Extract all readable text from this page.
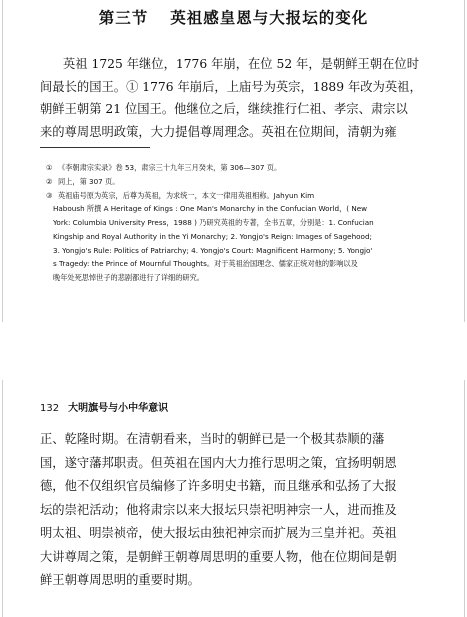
第三节 英祖感皇恩与大报坛的变化
英祖 1725 年继位，1776 年崩，在位 52 年，是朝鲜王朝在位时
间最长的国王。① 1776 年崩后，上庙号为英宗，1889 年改为英祖，
朝鲜王朝第 21 位国王。他继位之后，继续推行仁祖、孝宗、肃宗以
来的尊周思明政策，大力提倡尊周理念。英祖在位期间，清朝为雍
① 《李朝肃宗实录》卷 53，肃宗三十九年三月癸未，第 306—307 页。
② 同上，第 307 页。
③ 英祖庙号原为英宗，后尊为英祖，为求统一，本文一律用英祖相称。Jahyun Kim
Haboush 所撰 A Heritage of Kings : One Man's Monarchy in the Confucian World，( New
York: Columbia University Press，1988 ) 乃研究英祖的专著，全书五章，分别是：1. Confucian
Kingship and Royal Authority in the Yi Monarchy; 2. Yongjo's Reign: Images of Sagehood;
3. Yongjo's Rule: Politics of Patriarchy; 4. Yongjo's Court: Magnificent Harmony; 5. Yongjo'
s Tragedy: the Prince of Mournful Thoughts。对于英祖治国理念、儒家正统对他的影响以及
晚年处死思悼世子的悲剧都进行了详细的研究。
132 大明旗号与小中华意识
正、乾隆时期。在清朝看来，当时的朝鲜已是一个极其恭顺的藩
国，遂守藩邦职责。但英祖在国内大力推行思明之策，宜扬明朝恩
德，他不仅组织官员编修了许多明史书籍，而且继承和弘扬了大报
坛的崇祀活动；他将肃宗以来大报坛只崇祀明神宗一人，进而推及
明太祖、明崇祯帝，使大报坛由独祀神宗而扩展为三皇并祀。英祖
大讲尊周之策，是朝鲜王朝尊周思明的重要人物，他在位期间是朝
鲜王朝尊周思明的重要时期。
